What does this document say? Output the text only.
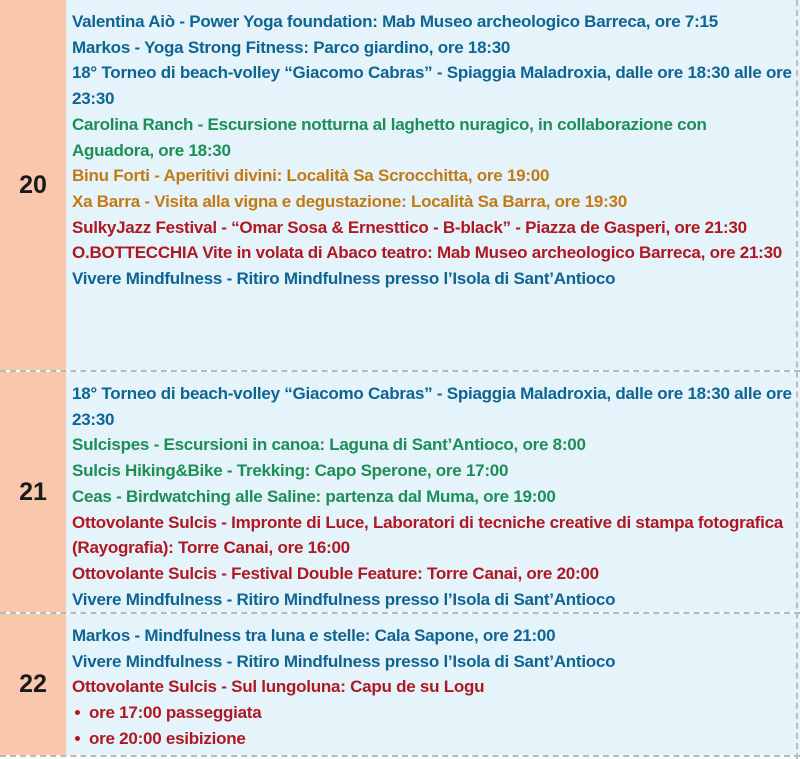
20
Valentina Aiò - Power Yoga foundation: Mab Museo archeologico Barreca, ore 7:15
Markos - Yoga Strong Fitness: Parco giardino, ore 18:30
18° Torneo di beach-volley “Giacomo Cabras” - Spiaggia Maladroxia, dalle ore 18:30 alle ore 23:30
Carolina Ranch - Escursione notturna al laghetto nuragico, in collaborazione con Aguadora, ore 18:30
Binu Forti - Aperitivi divini: Località Sa Scrocchitta, ore 19:00
Xa Barra - Visita alla vigna e degustazione: Località Sa Barra, ore 19:30
SulkyJazz Festival - “Omar Sosa & Ernesttico - B-black” - Piazza de Gasperi, ore 21:30
O.BOTTECCHIA Vite in volata di Abaco teatro: Mab Museo archeologico Barreca, ore 21:30
Vivere Mindfulness - Ritiro Mindfulness presso l’Isola di Sant’Antioco
21
18° Torneo di beach-volley “Giacomo Cabras” - Spiaggia Maladroxia, dalle ore 18:30 alle ore 23:30
Sulcispes - Escursioni in canoa: Laguna di Sant’Antioco, ore 8:00
Sulcis Hiking&Bike - Trekking: Capo Sperone, ore 17:00
Ceas - Birdwatching alle Saline: partenza dal Muma, ore 19:00
Ottovolante Sulcis - Impronte di Luce, Laboratori di tecniche creative di stampa fotografica (Rayografia): Torre Canai, ore 16:00
Ottovolante Sulcis - Festival Double Feature: Torre Canai, ore 20:00
Vivere Mindfulness - Ritiro Mindfulness presso l’Isola di Sant’Antioco
22
Markos - Mindfulness tra luna e stelle: Cala Sapone, ore 21:00
Vivere Mindfulness - Ritiro Mindfulness presso l’Isola di Sant’Antioco
Ottovolante Sulcis - Sul lungoluna: Capu de su Logu
ore 17:00 passeggiata
ore 20:00 esibizione
